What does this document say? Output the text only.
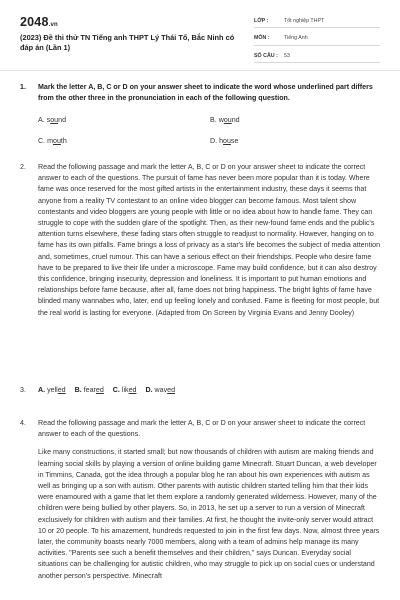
2048.vn
(2023) Đề thi thử TN Tiếng anh THPT Lý Thái Tổ, Bắc Ninh có đáp án (Lần 1)
LỚP :	Tốt nghiệp THPT
MÔN :	Tiếng Anh
SỐ CÂU :	53
1. Mark the letter A, B, C or D on your answer sheet to indicate the word whose underlined part differs from the other three in the pronunciation in each of the following question.
A. sound	B. wound
C. mouth	D. house
2. Read the following passage and mark the letter A, B, C or D on your answer sheet to indicate the correct answer to each of the questions. The pursuit of fame has never been more popular than it is today. Where fame was once reserved for the most gifted artists in the entertainment industry, these days it seems that anyone from a reality TV contestant to an online video blogger can become famous. Most talent show contestants and video bloggers are young people with little or no idea about how to handle fame. They can struggle to cope with the sudden glare of the spotlight. Then, as their new-found fame ends and the public's attention turns elsewhere, these fading stars often struggle to readjust to normality. However, hanging on to fame has its own pitfalls. Fame brings a loss of privacy as a star's life becomes the subject of media attention and, sometimes, cruel rumour. This can have a serious effect on their friendships. People who desire fame have to be prepared to live their life under a microscope. Fame may build confidence, but it can also destroy this confidence, bringing insecurity, depression and loneliness. It is important to put human emotions and relationships before fame because, after all, fame does not bring happiness. The bright lights of fame have blinded many wannabes who, later, end up feeling lonely and confused. Fame is fleeting for most people, but the real world is lasting for everyone. (Adapted from On Screen by Virginia Evans and Jenny Dooley)
3. A. yelled B. feared C. liked D. waved
4. Read the following passage and mark the letter A, B, C or D on your answer sheet to indicate the correct answer to each of the questions.
Like many constructions, it started small; but now thousands of children with autism are making friends and learning social skills by playing a version of online building game Minecraft. Stuart Duncan, a web developer in Timmins, Canada, got the idea through a popular blog he ran about his own experiences with autism as well as bringing up a son with autism. Other parents with autistic children started telling him that their kids were enamoured with a game that let them explore a randomly generated wilderness. However, many of the children were being bullied by other players. So, in 2013, he set up a server to run a version of Minecraft exclusively for children with autism and their families. At first, he thought the invite-only server would attract 10 or 20 people. To his amazement, hundreds requested to join in the first few days. Now, almost three years later, the community boasts nearly 7000 members, along with a team of admins help manage its many activities. "Parents see such a benefit themselves and their children," says Duncan. Everyday social situations can be challenging for autistic children, who may struggle to pick up on social cues or understand another person's perspective. Minecraft
